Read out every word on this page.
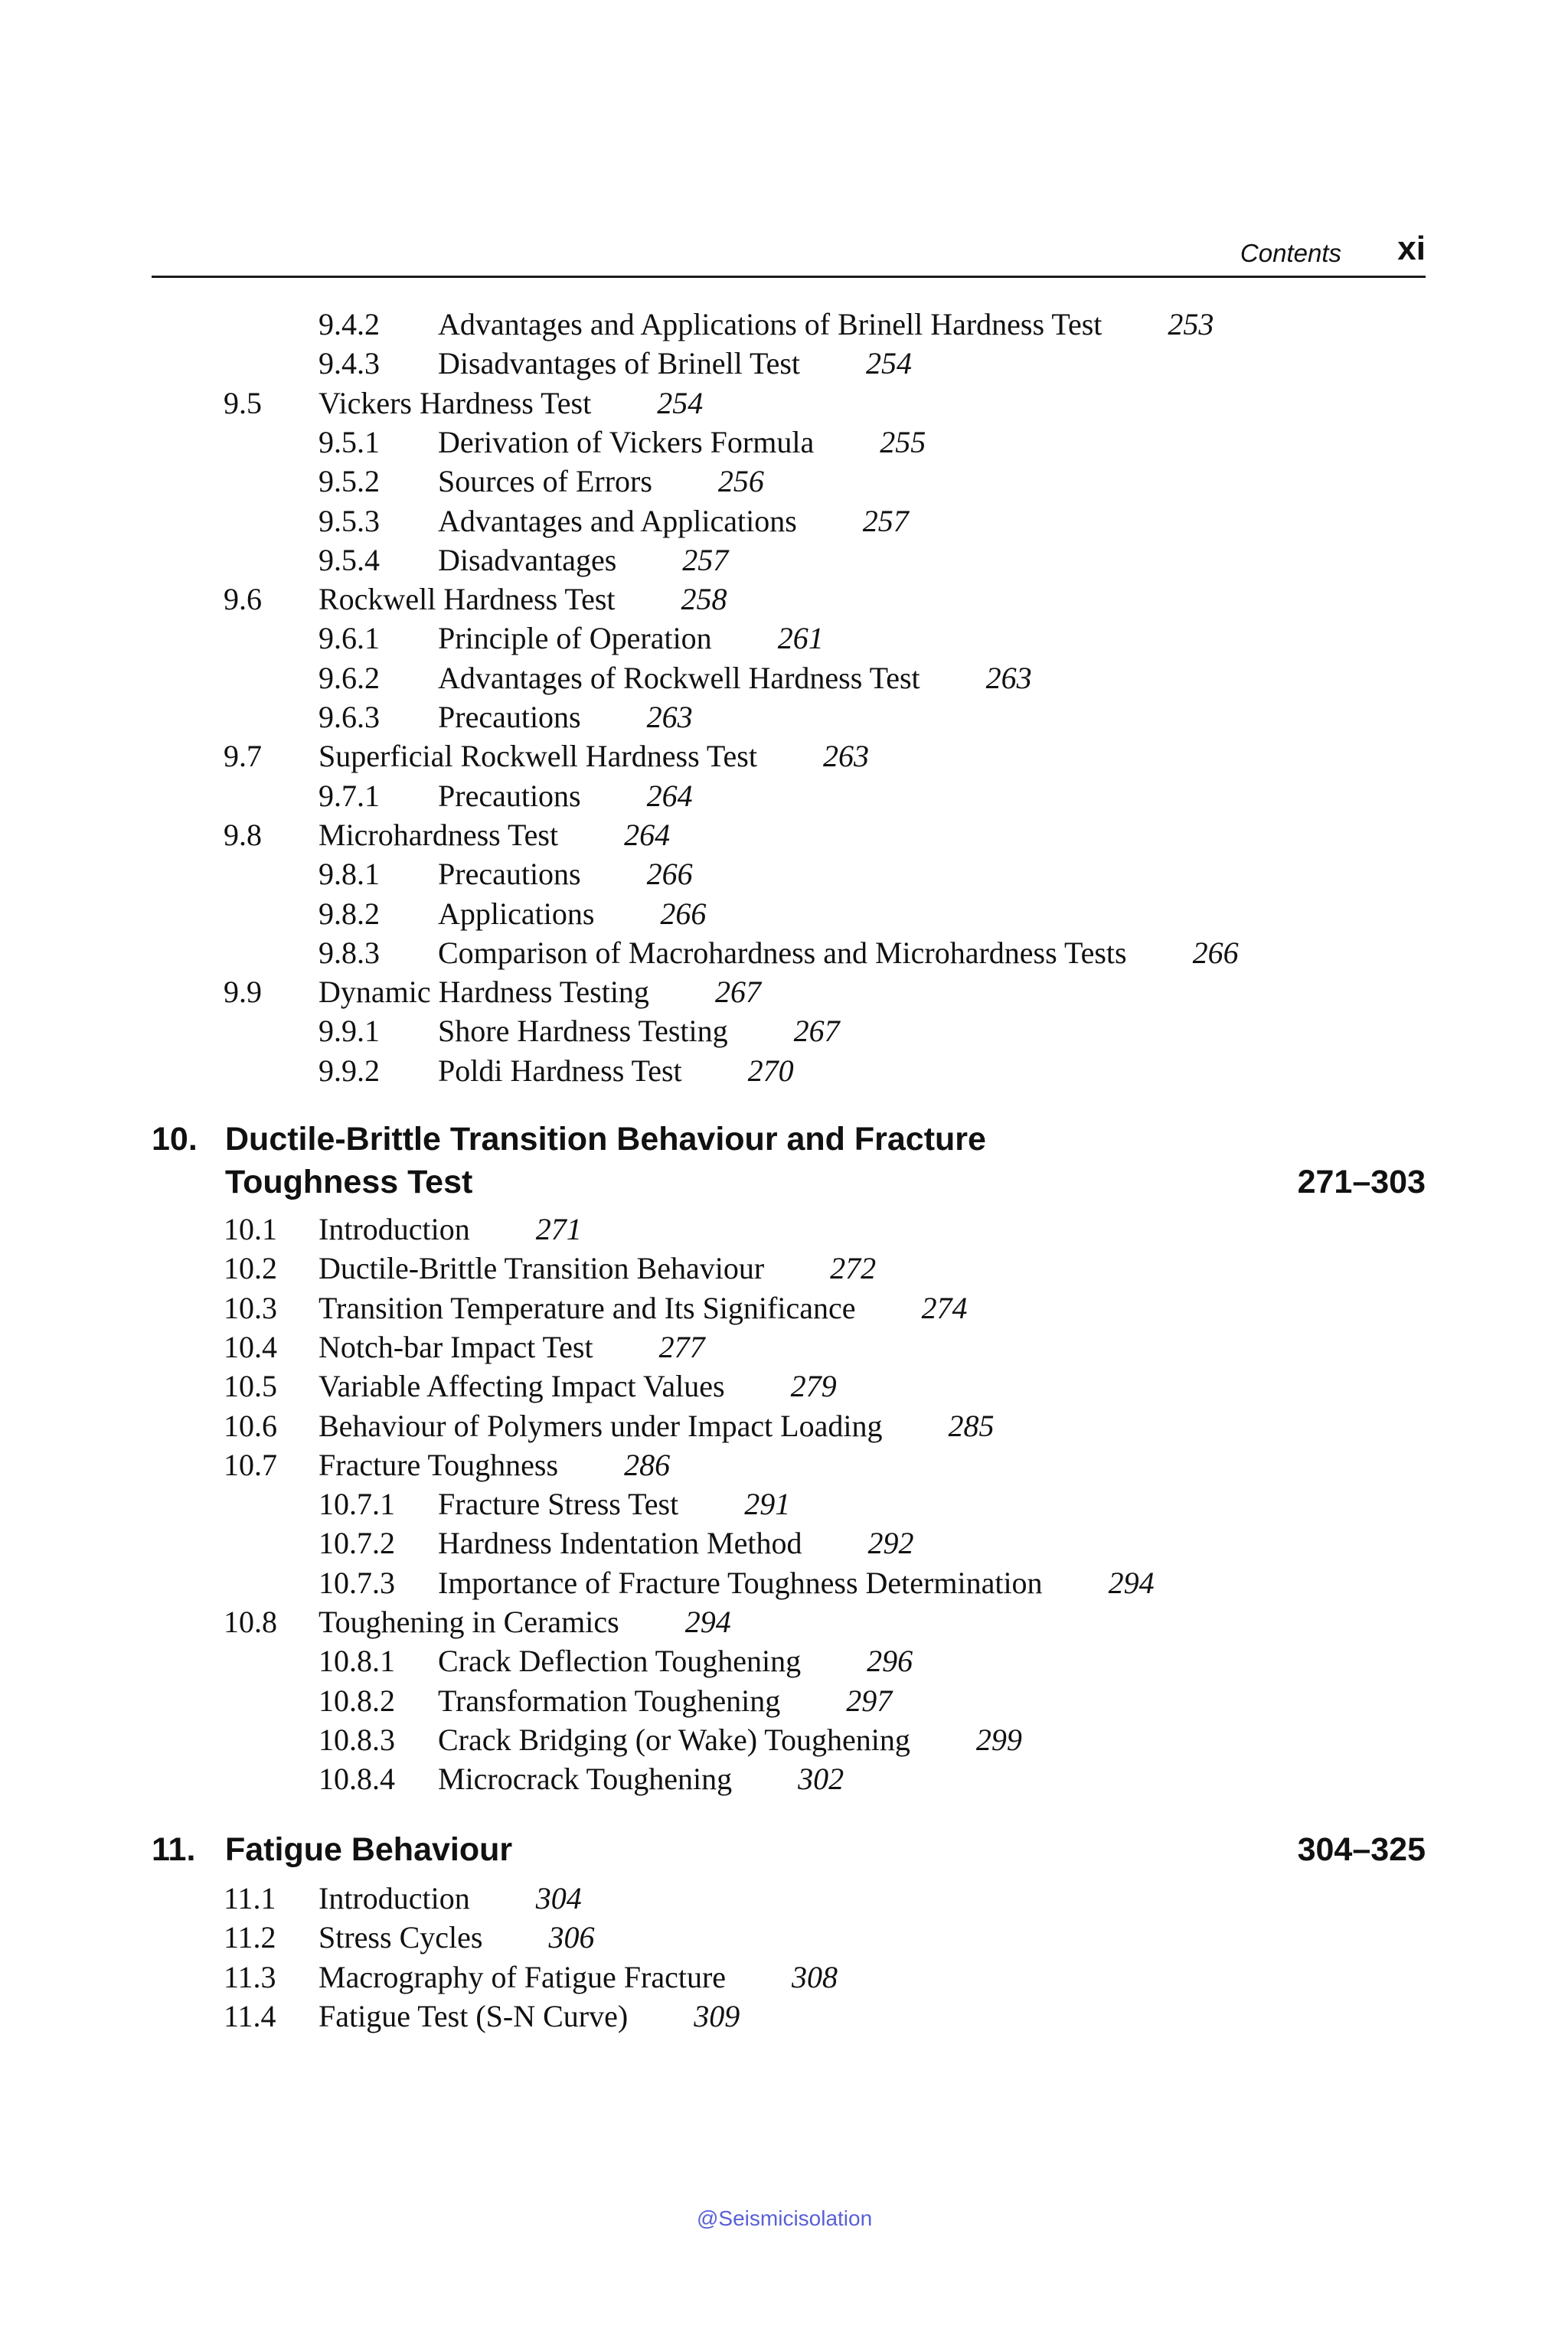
Contents xi
9.4.2 Advantages and Applications of Brinell Hardness Test 253
9.4.3 Disadvantages of Brinell Test 254
9.5 Vickers Hardness Test 254
9.5.1 Derivation of Vickers Formula 255
9.5.2 Sources of Errors 256
9.5.3 Advantages and Applications 257
9.5.4 Disadvantages 257
9.6 Rockwell Hardness Test 258
9.6.1 Principle of Operation 261
9.6.2 Advantages of Rockwell Hardness Test 263
9.6.3 Precautions 263
9.7 Superficial Rockwell Hardness Test 263
9.7.1 Precautions 264
9.8 Microhardness Test 264
9.8.1 Precautions 266
9.8.2 Applications 266
9.8.3 Comparison of Macrohardness and Microhardness Tests 266
9.9 Dynamic Hardness Testing 267
9.9.1 Shore Hardness Testing 267
9.9.2 Poldi Hardness Test 270
10. Ductile-Brittle Transition Behaviour and Fracture
Toughness Test	271–303
10.1 Introduction 271
10.2 Ductile-Brittle Transition Behaviour 272
10.3 Transition Temperature and Its Significance 274
10.4 Notch-bar Impact Test 277
10.5 Variable Affecting Impact Values 279
10.6 Behaviour of Polymers under Impact Loading 285
10.7 Fracture Toughness 286
10.7.1 Fracture Stress Test 291
10.7.2 Hardness Indentation Method 292
10.7.3 Importance of Fracture Toughness Determination 294
10.8 Toughening in Ceramics 294
10.8.1 Crack Deflection Toughening 296
10.8.2 Transformation Toughening 297
10.8.3 Crack Bridging (or Wake) Toughening 299
10.8.4 Microcrack Toughening 302
11. Fatigue Behaviour	304–325
11.1 Introduction 304
11.2 Stress Cycles 306
11.3 Macrography of Fatigue Fracture 308
11.4 Fatigue Test (S-N Curve) 309
@Seismicisolation
